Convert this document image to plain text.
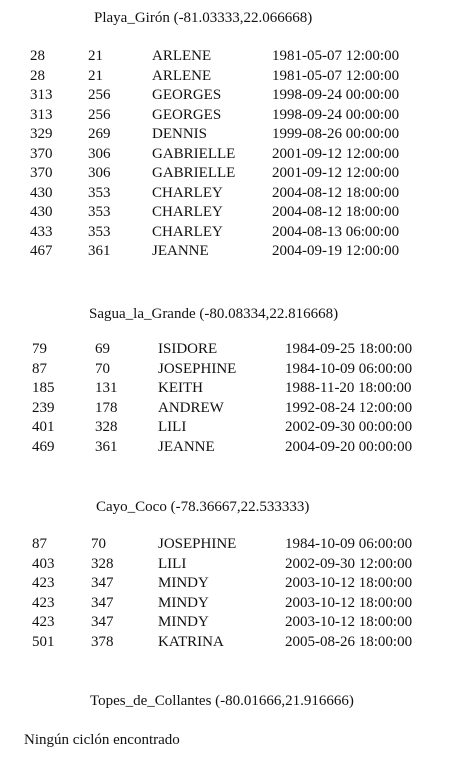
Playa_Girón (-81.03333,22.066668)
28	21	ARLENE	1981-05-07 12:00:00
28	21	ARLENE	1981-05-07 12:00:00
313 256	GEORGES	1998-09-24 00:00:00
313 256	GEORGES	1998-09-24 00:00:00
329 269	DENNIS	1999-08-26 00:00:00
370 306	GABRIELLE 2001-09-12 12:00:00
370 306	GABRIELLE 2001-09-12 12:00:00
430 353	CHARLEY	2004-08-12 18:00:00
430 353	CHARLEY	2004-08-12 18:00:00
433 353	CHARLEY	2004-08-13 06:00:00
467 361	JEANNE	2004-09-19 12:00:00
Sagua_la_Grande (-80.08334,22.816668)
79	69	ISIDORE	1984-09-25 18:00:00
87	70	JOSEPHINE	1984-10-09 06:00:00
185	131	KEITH	1988-11-20 18:00:00
239	178	ANDREW	1992-08-24 12:00:00
401	328	LILI	2002-09-30 00:00:00
469	361	JEANNE	2004-09-20 00:00:00
Cayo_Coco (-78.36667,22.533333)
87	70	JOSEPHINE	1984-10-09 06:00:00
403 328	LILI	2002-09-30 12:00:00
423 347	MINDY	2003-10-12 18:00:00
423 347	MINDY	2003-10-12 18:00:00
423 347	MINDY	2003-10-12 18:00:00
501 378	KATRINA	2005-08-26 18:00:00
Topes_de_Collantes (-80.01666,21.916666)
Ningún ciclón encontrado
